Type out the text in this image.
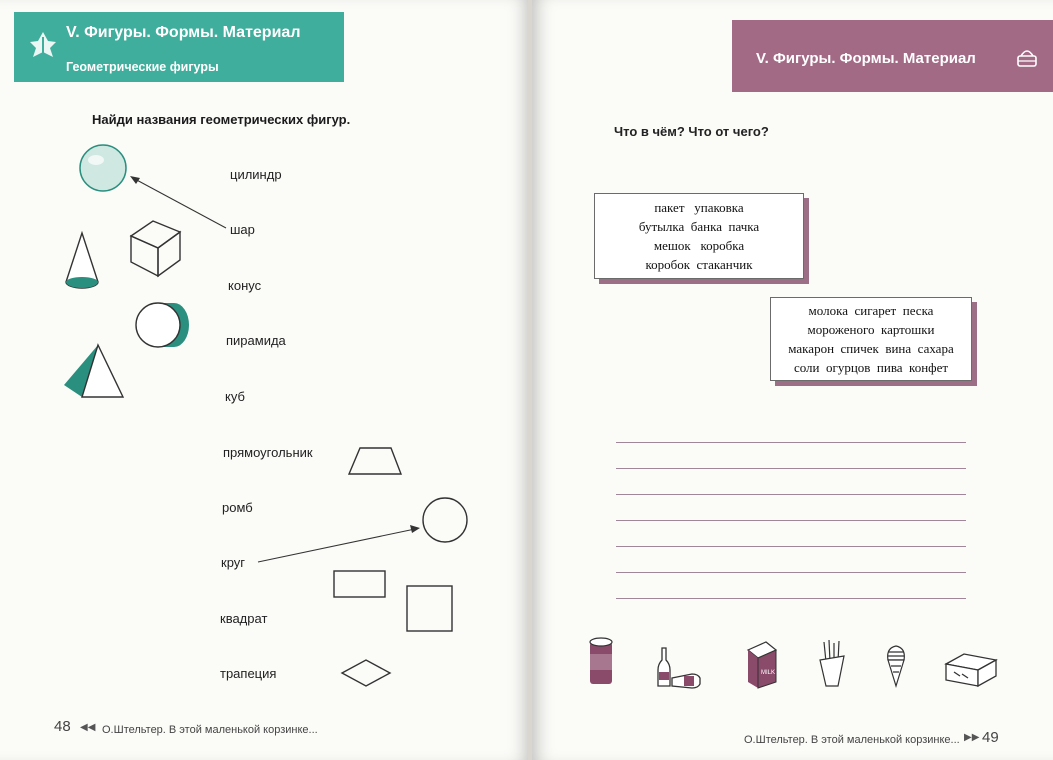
V. Фигуры. Формы. Материал
Геометрические фигуры
Найди названия геометрических фигур.
цилиндр
шар
конус
пирамида
куб
прямоугольник
ромб
круг
квадрат
трапеция
48 ◀◀ О.Штельтер. В этой маленькой корзинке...
V. Фигуры. Формы. Материал
Что в чём? Что от чего?
пакет   упаковка
бутылка  банка  пачка
мешок   коробка
коробок  стаканчик
молока  сигарет  песка
мороженого  картошки
макарон  спичек  вина  сахара
соли  огурцов  пива  конфет
MILK
О.Штельтер. В этой маленькой корзинке... ▶▶ 49
